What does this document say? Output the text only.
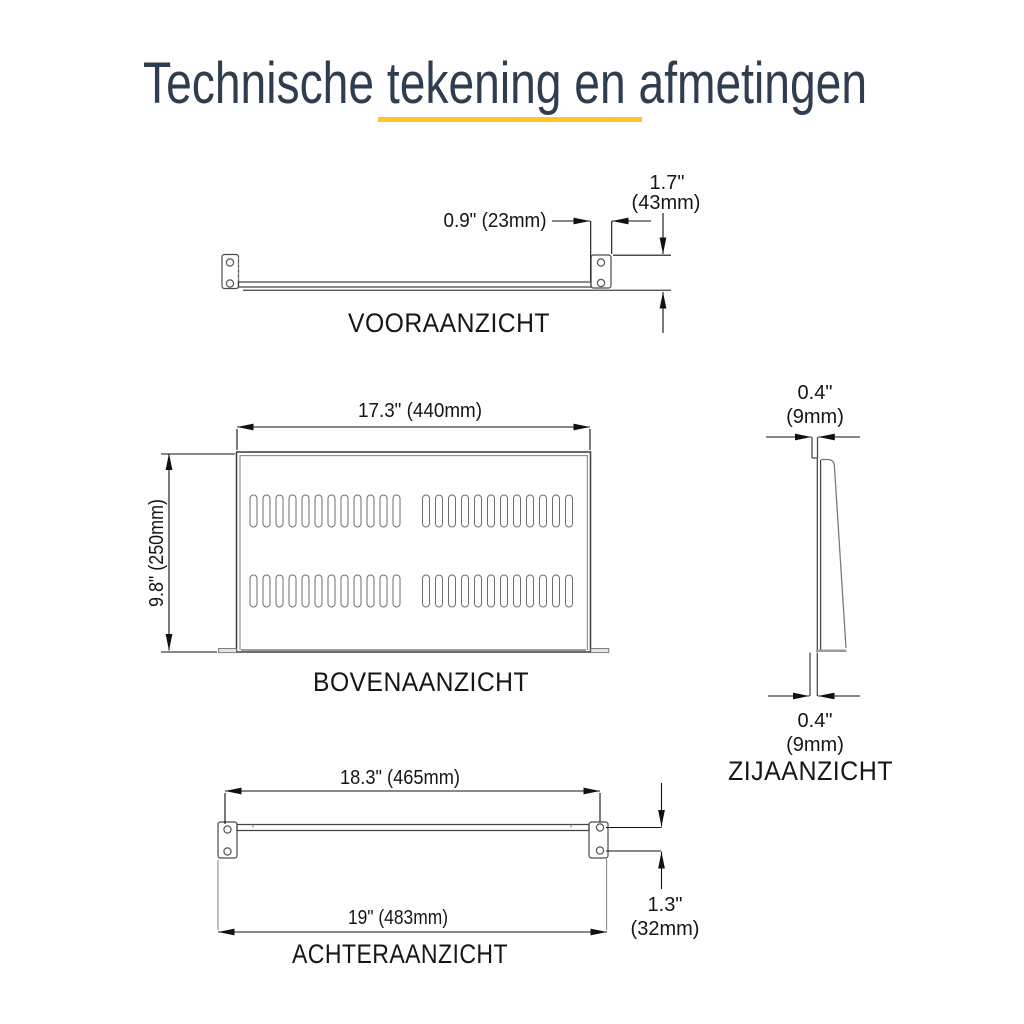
Technische tekening en afmetingen
0.9" (23mm)
1.7"
(43mm)
VOORAANZICHT
17.3" (440mm)
9.8" (250mm)
BOVENAANZICHT
0.4"
(9mm)
0.4"
(9mm)
ZIJAANZICHT
18.3" (465mm)
19" (483mm)
1.3"
(32mm)
ACHTERAANZICHT
